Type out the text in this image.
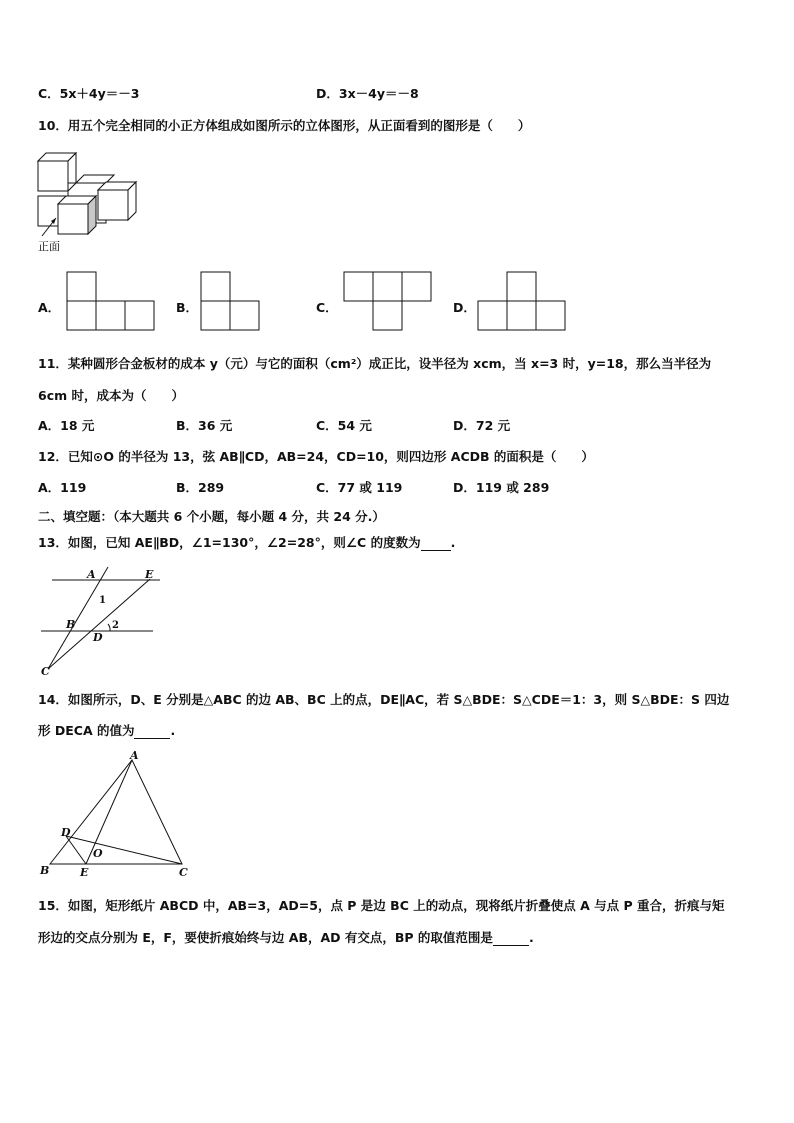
C．5x＋4y＝－3	D．3x－4y＝－8
10．用五个完全相同的小正方体组成如图所示的立体图形，从正面看到的图形是（　　）
正面
A．	B．	C．	D．
11．某种圆形合金板材的成本 y（元）与它的面积（cm²）成正比，设半径为 xcm，当 x=3 时，y=18，那么当半径为
6cm 时，成本为（　　）
A．18 元	B．36 元	C．54 元	D．72 元
12．已知⊙O 的半径为 13，弦 AB∥CD，AB=24，CD=10，则四边形 ACDB 的面积是（　　）
A．119	B．289	C．77 或 119	D．119 或 289
二、填空题：（本大题共 6 个小题，每小题 4 分，共 24 分.）
13．如图，已知 AE∥BD，∠1=130°，∠2=28°，则∠C 的度数为 .
A	E
B
D
C
1
2
14．如图所示，D、E 分别是△ABC 的边 AB、BC 上的点，DE∥AC，若 S△BDE：S△CDE＝1：3，则 S△BDE：S 四边
形 DECA 的值为	.
A
D
O
B	E	C
15．如图，矩形纸片 ABCD 中，AB=3，AD=5，点 P 是边 BC 上的动点，现将纸片折叠使点 A 与点 P 重合，折痕与矩
形边的交点分别为 E，F，要使折痕始终与边 AB，AD 有交点，BP 的取值范围是	.
